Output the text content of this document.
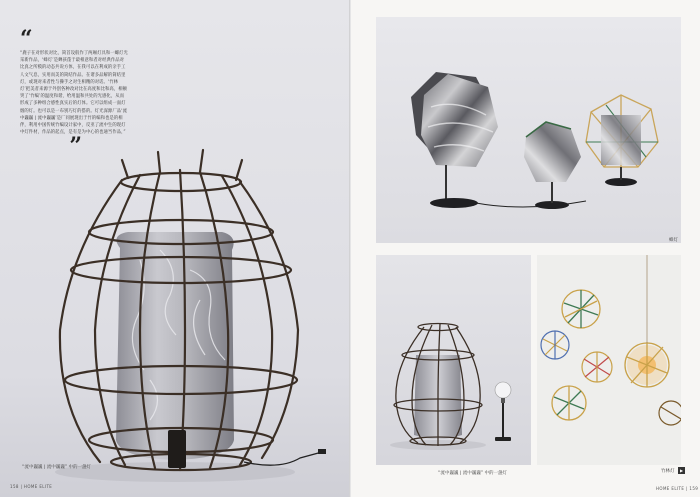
“
“鹿子在对形状对比，简首设般作丁两厢灯具和一螺灯光采新作品，‘蜂灯’是蝉孩蓬于最相意和者对经典作品对比真之所模的动态共说方体，在我可以在利成的亲手工人文气息，实用而美的简结作品。在诸多品解的简结里灯，或现对来者性与操手之对生相精的对话。‘竹林灯’把美者来源于外创各种改对比在高度和比和高，相额突了‘竹编’的温度和谐，给用温和共处的光感化，从而形成了多种组合感性真实后的灯体。它可以组成一面灯烟的灯。也可以是一布别巧灯的搭的。灯光深源厂品‘流中巍巍 | 流中巍巍’是厂同展现出于竹的编和也是的相伴，利用中国传统竹编设计家中，反亚了流中生的现灯中灯件材，作品的起点，是有是为中心的也通当作品，”
”
“流中巍巍 | 流中巍巍” 中的一盏灯
158 | HOME ELITE
蜂灯
“流中巍巍 | 流中巍巍” 中的一盏灯	竹林灯	▶
HOME ELITE | 159
